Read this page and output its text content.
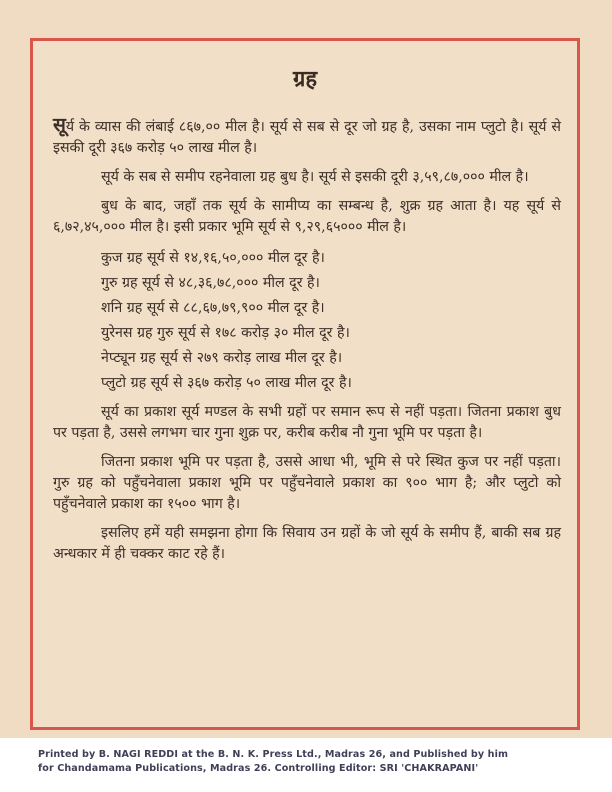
ग्रह

सूर्य के व्यास की लंबाई ८६७,०० मील है। सूर्य से सब से दूर जो ग्रह है, उसका नाम प्लुटो है। सूर्य से इसकी दूरी ३६७ करोड़ ५० लाख मील है।

सूर्य के सब से समीप रहनेवाला ग्रह बुध है। सूर्य से इसकी दूरी ३,५९,८७,००० मील है।

बुध के बाद, जहाँ तक सूर्य के सामीप्य का सम्बन्ध है, शुक्र ग्रह आता है। यह सूर्य से ६,७२,४५,००० मील है। इसी प्रकार भूमि सूर्य से ९,२९,६५००० मील है।

कुज ग्रह सूर्य से १४,१६,५०,००० मील दूर है।

गुरु ग्रह सूर्य से ४८,३६,७८,००० मील दूर है।

शनि ग्रह सूर्य से ८८,६७,७९,९०० मील दूर है।

युरेनस ग्रह गुरु सूर्य से १७८ करोड़ ३० मील दूर है।

नेप्ट्यून ग्रह सूर्य से २७९ करोड़ लाख मील दूर है।

प्लुटो ग्रह सूर्य से ३६७ करोड़ ५० लाख मील दूर है।

सूर्य का प्रकाश सूर्य मण्डल के सभी ग्रहों पर समान रूप से नहीं पड़ता। जितना प्रकाश बुध पर पड़ता है, उससे लगभग चार गुना शुक्र पर, करीब करीब नौ गुना भूमि पर पड़ता है।

जितना प्रकाश भूमि पर पड़ता है, उससे आधा भी, भूमि से परे स्थित कुज पर नहीं पड़ता। गुरु ग्रह को पहुँचनेवाला प्रकाश भूमि पर पहुँचनेवाले प्रकाश का ९०० भाग है; और प्लुटो को पहुँचनेवाले प्रकाश का १५०० भाग है।

इसलिए हमें यही समझना होगा कि सिवाय उन ग्रहों के जो सूर्य के समीप हैं, बाकी सब ग्रह अन्धकार में ही चक्कर काट रहे हैं।

Printed by B. NAGI REDDI at the B. N. K. Press Ltd., Madras 26, and Published by him
for Chandamama Publications, Madras 26. Controlling Editor: SRI 'CHAKRAPANI'
